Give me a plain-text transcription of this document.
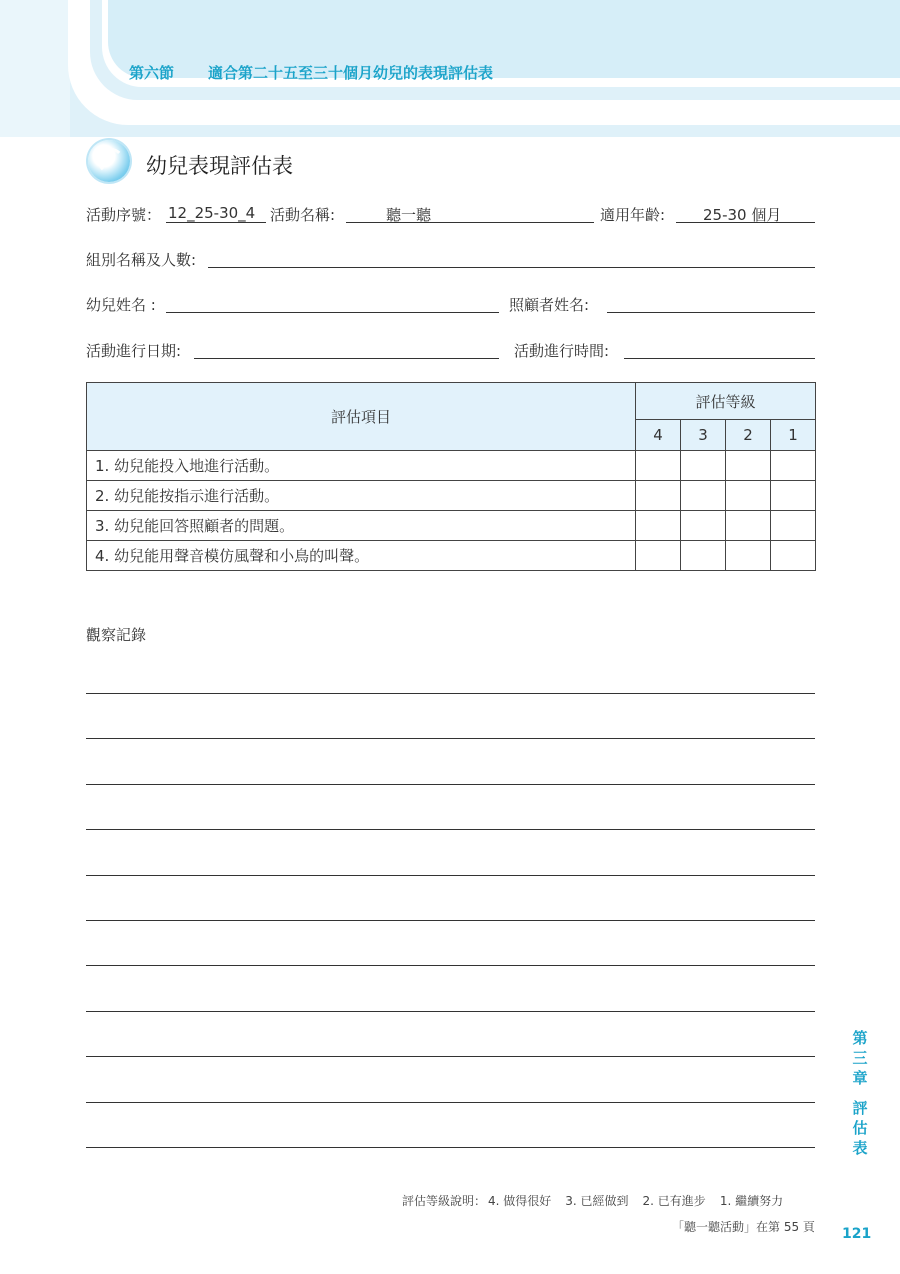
第六節 適合第二十五至三十個月幼兒的表現評估表
幼兒表現評估表
活動序號： 12_25-30_4 活動名稱:	聽一聽	適用年齡:	25-30 個月
組別名稱及人數:
幼兒姓名 :	照顧者姓名:
活動進行日期:	活動進行時間:
評估項目	評估等級			
	4	3	2	1
1. 幼兒能投入地進行活動。				
2. 幼兒能按指示進行活動。				
3. 幼兒能回答照顧者的問題。				
4. 幼兒能用聲音模仿風聲和小鳥的叫聲。				
觀察記錄
第
三
章
評
估
表
評估等級說明： 4. 做得很好 3. 已經做到 2. 已有進步 1. 繼續努力
「聽一聽活動」在第 55 頁 121
